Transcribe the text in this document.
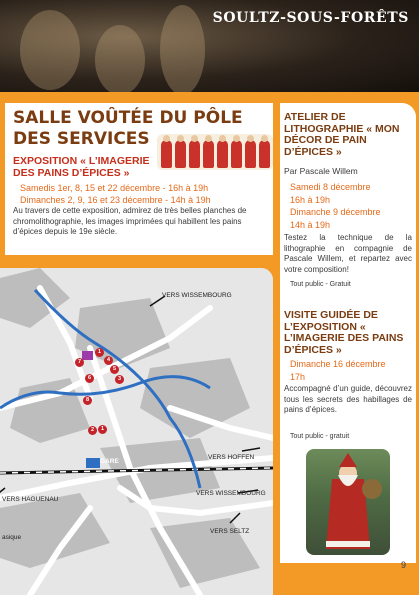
SOULTZ-SOUS-FORÊTS
SALLE VOÛTÉE DU PÔLE DES SERVICES
EXPOSITION « L’IMAGERIE DES PAINS D’ÉPICES »
Samedis 1er, 8, 15 et 22 décembre - 16h à 19h
Dimanches 2, 9, 16 et 23 décembre - 14h à 19h
Au travers de cette exposition, admirez de très belles planches de chromolithographie, les images imprimées qui habillent les pains d’épices depuis le 19e siècle.
ATELIER DE LITHOGRAPHIE « MON DÉCOR DE PAIN D’ÉPICES »
Par Pascale Willem
Samedi 8 décembre
16h à 19h
Dimanche 9 décembre
14h à 19h
Testez la technique de la lithographie en compagnie de Pascale Willem, et repartez avec votre composition!
Tout public - Gratuit
VISITE GUIDÉE DE L’EXPOSITION « L’IMAGERIE DES PAINS D’ÉPICES »
Dimanche 16 décembre
17h
Accompagné d’un guide, découvrez tous les secrets des habillages de pains d’épices.
Tout public - gratuit
7
1
4
5
6	3
8
2	1
VERS WISSEMBOURG
VERS HOFFEN
VERS HAGUENAU
VERS WISSEMBOURG
VERS SELTZ
GARE
asique
9
